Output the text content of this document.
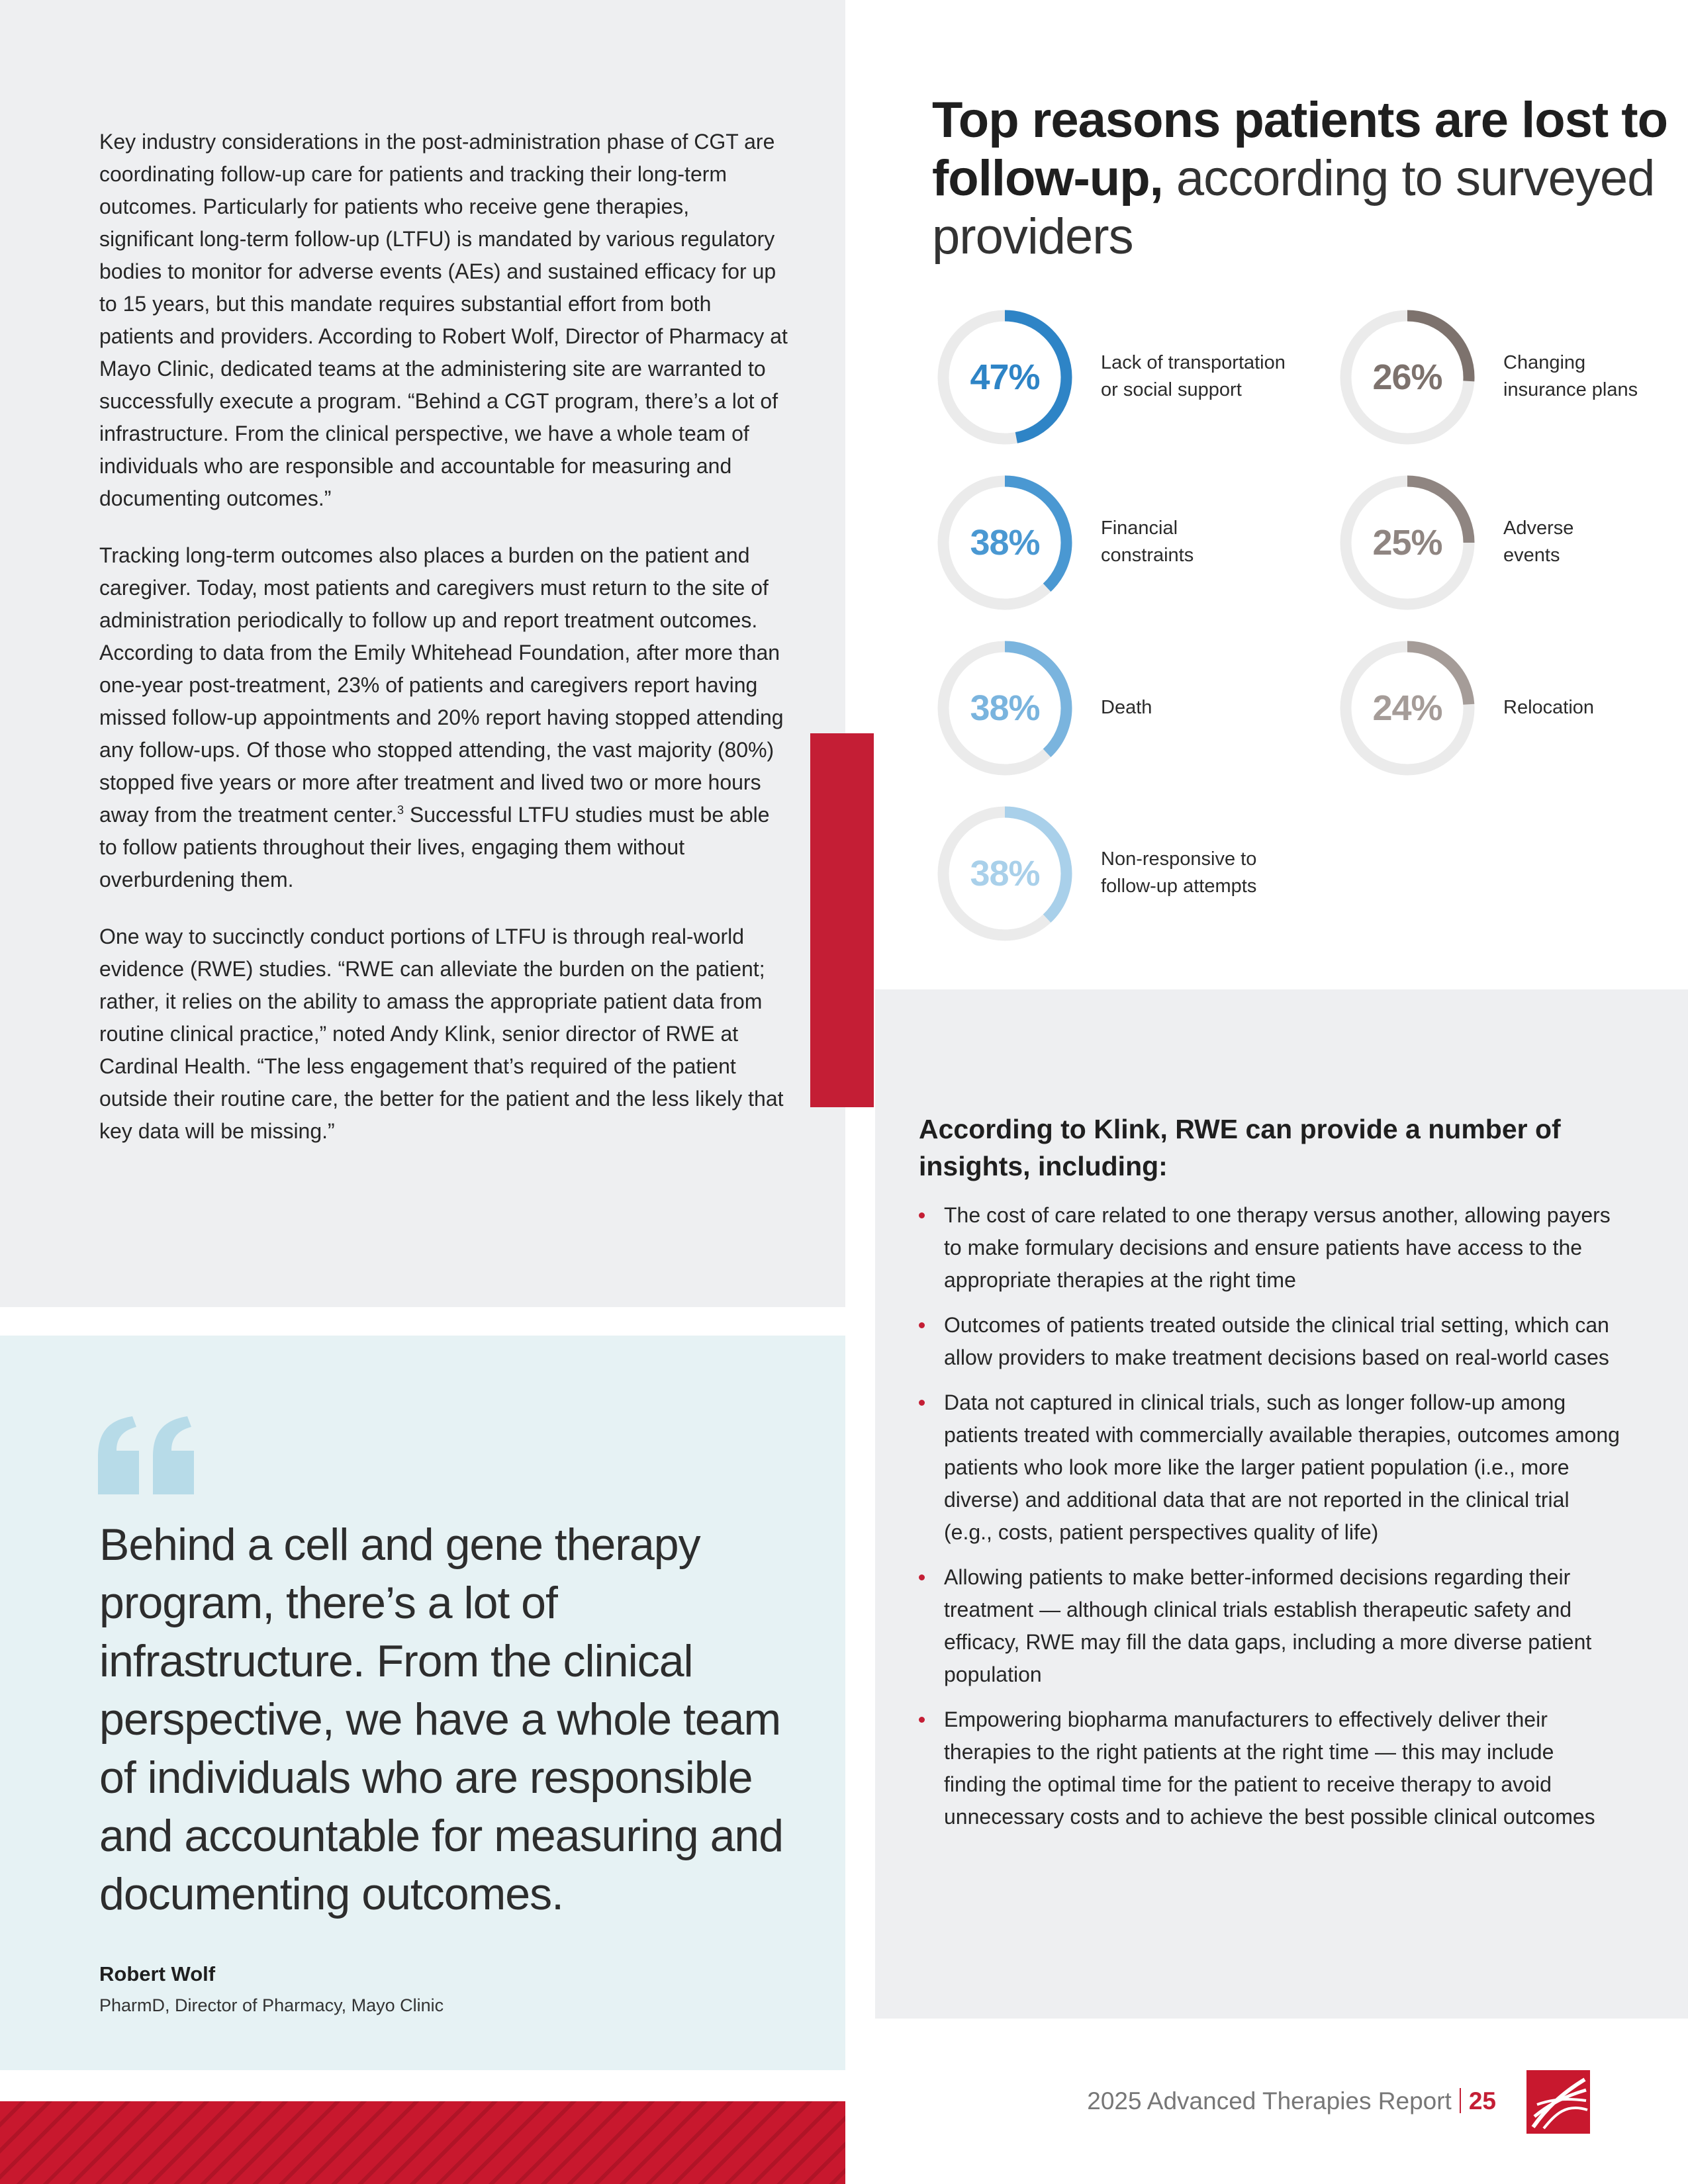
Key industry considerations in the post-administration phase of CGT are coordinating follow-up care for patients and tracking their long-term outcomes. Particularly for patients who receive gene therapies, significant long-term follow-up (LTFU) is mandated by various regulatory bodies to monitor for adverse events (AEs) and sustained efficacy for up to 15 years, but this mandate requires substantial effort from both patients and providers. According to Robert Wolf, Director of Pharmacy at Mayo Clinic, dedicated teams at the administering site are warranted to successfully execute a program. “Behind a CGT program, there’s a lot of infrastructure. From the clinical perspective, we have a whole team of individuals who are responsible and accountable for measuring and documenting outcomes.”

Tracking long-term outcomes also places a burden on the patient and caregiver. Today, most patients and caregivers must return to the site of administration periodically to follow up and report treatment outcomes. According to data from the Emily Whitehead Foundation, after more than one-year post-treatment, 23% of patients and caregivers report having missed follow-up appointments and 20% report having stopped attending any follow-ups. Of those who stopped attending, the vast majority (80%) stopped five years or more after treatment and lived two or more hours away from the treatment center.$^3$ Successful LTFU studies must be able to follow patients throughout their lives, engaging them without overburdening them.

One way to succinctly conduct portions of LTFU is through real-world evidence (RWE) studies. “RWE can alleviate the burden on the patient; rather, it relies on the ability to amass the appropriate patient data from routine clinical practice,” noted Andy Klink, senior director of RWE at Cardinal Health. “The less engagement that’s required of the patient outside their routine care, the better for the patient and the less likely that key data will be missing.”

Top reasons patients are lost to follow-up, according to surveyed providers
47%	Lack of transportation
or social support
38%	Financial
constraints
38%	Death
38%	Non-responsive to
follow-up attempts
26%	Changing
insurance plans
25%	Adverse
events
24%	Relocation
According to Klink, RWE can provide a number of insights, including:
The cost of care related to one therapy versus another, allowing payers to make formulary decisions and ensure patients have access to the appropriate therapies at the right time
Outcomes of patients treated outside the clinical trial setting, which can allow providers to make treatment decisions based on real-world cases
Data not captured in clinical trials, such as longer follow-up among patients treated with commercially available therapies, outcomes among patients who look more like the larger patient population (i.e., more diverse) and additional data that are not reported in the clinical trial (e.g., costs, patient perspectives quality of life)
Allowing patients to make better-informed decisions regarding their treatment — although clinical trials establish therapeutic safety and efficacy, RWE may fill the data gaps, including a more diverse patient population
Empowering biopharma manufacturers to effectively deliver their therapies to the right patients at the right time — this may include finding the optimal time for the patient to receive therapy to avoid unnecessary costs and to achieve the best possible clinical outcomes
Behind a cell and gene therapy program, there’s a lot of infrastructure. From the clinical perspective, we have a whole team of individuals who are responsible and accountable for measuring and documenting outcomes.
Robert Wolf
PharmD, Director of Pharmacy, Mayo Clinic
2025 Advanced Therapies Report 25
